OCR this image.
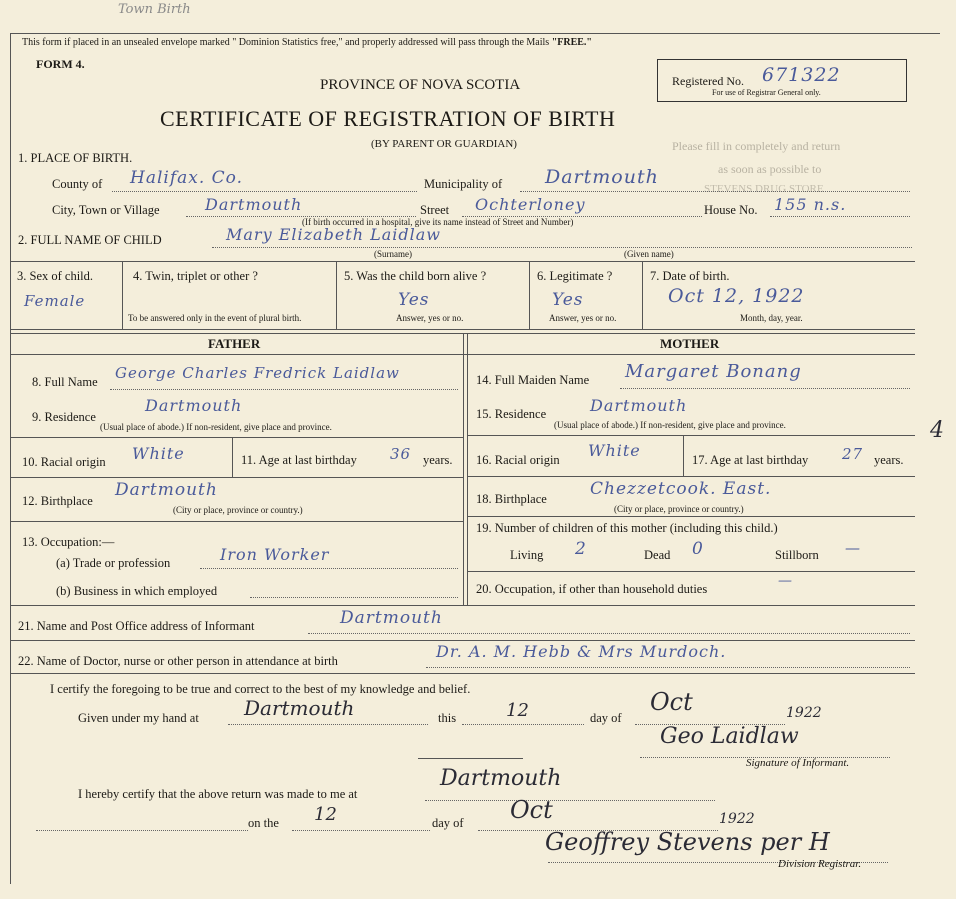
Town Birth
This form if placed in an unsealed envelope marked " Dominion Statistics free," and properly addressed will pass through the Mails "FREE."
FORM 4.
PROVINCE OF NOVA SCOTIA
CERTIFICATE OF REGISTRATION OF BIRTH
(BY PARENT OR GUARDIAN)
Registered No. 671322
For use of Registrar General only.
Please fill in completely and return
as soon as possible to
STEVENS DRUG STORE
1. PLACE OF BIRTH.
County of Halifax. Co.	Municipality of Dartmouth
City, Town or Village	Dartmouth	Street Ochterloney	House No. 155 n.s.
(If birth occurred in a hospital, give its name instead of Street and Number)
2. FULL NAME OF CHILD	Mary Elizabeth Laidlaw
(Surname)	(Given name)
3. Sex of child.
Female
4. Twin, triplet or other ?
To be answered only in the event of plural birth.
5. Was the child born alive ?
Yes
Answer, yes or no.
6. Legitimate ?
Yes
Answer, yes or no.
7. Date of birth.
Oct 12, 1922
Month, day, year.
FATHER	MOTHER
8. Full Name George Charles Fredrick Laidlaw
9. Residence
Dartmouth
(Usual place of abode.) If non-resident, give place and province.
10. Racial origin White	11. Age at last birthday 36 years.
12. Birthplace
Dartmouth
(City or place, province or country.)
13. Occupation:—
(a) Trade or profession	Iron Worker
(b) Business in which employed
14. Full Maiden Name Margaret Bonang
15. Residence	Dartmouth
(Usual place of abode.) If non-resident, give place and province.
16. Racial origin White	17. Age at last birthday 27 years.
18. Birthplace	Chezzetcook. East.
(City or place, province or country.)
19. Number of children of this mother (including this child.)
Living 2	Dead 0	Stillborn —
20. Occupation, if other than household duties	—
21. Name and Post Office address of Informant	Dartmouth
22. Name of Doctor, nurse or other person in attendance at birth	Dr. A. M. Hebb & Mrs Murdoch.
I certify the foregoing to be true and correct to the best of my knowledge and belief.
Given under my hand at Dartmouth	this	12	day of
Oct	1922
Geo Laidlaw
Signature of Informant.
I hereby certify that the above return was made to me at
Dartmouth
on the 12	day of Oct	1922
Geoffrey Stevens per H
Division Registrar.
4
